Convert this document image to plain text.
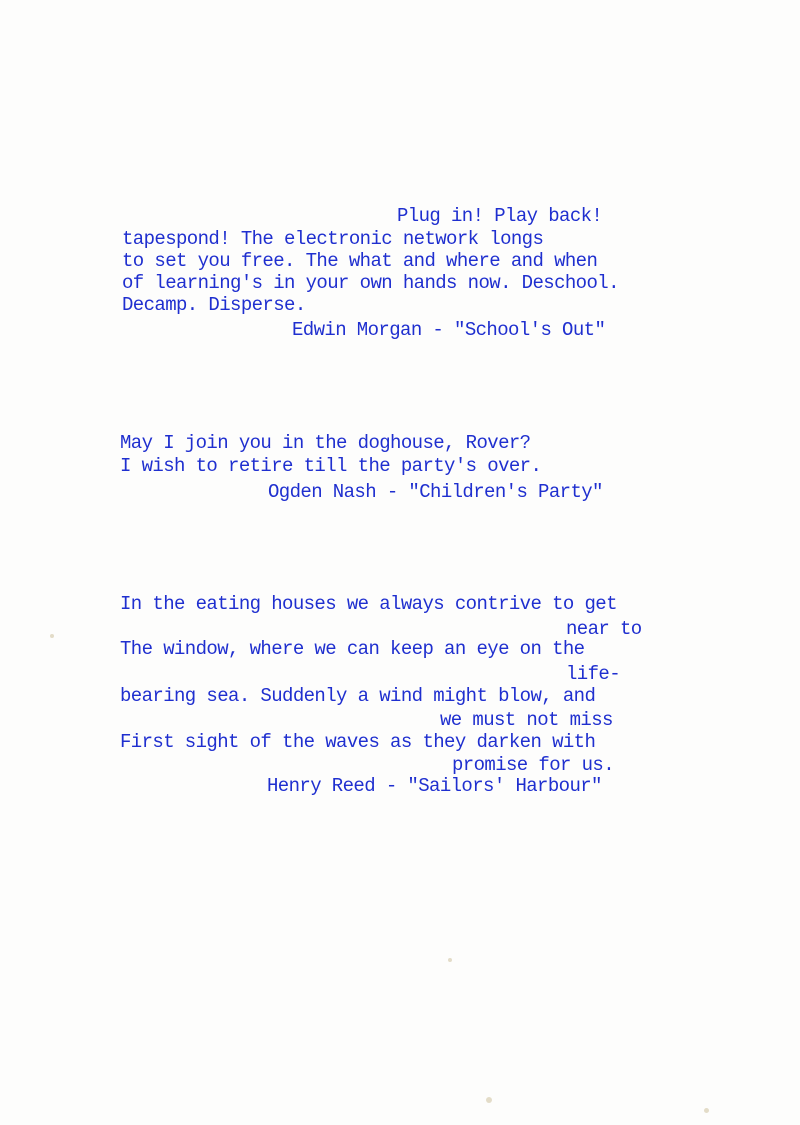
Plug in! Play back!

tapespond! The electronic network longs

to set you free. The what and where and when

of learning's in your own hands now. Deschool.

Decamp. Disperse.

Edwin Morgan - "School's Out"

May I join you in the doghouse, Rover?

I wish to retire till the party's over.

Ogden Nash - "Children's Party"

In the eating houses we always contrive to get

near to

The window, where we can keep an eye on the

life-

bearing sea. Suddenly a wind might blow, and

we must not miss

First sight of the waves as they darken with

promise for us.

Henry Reed - "Sailors' Harbour"
